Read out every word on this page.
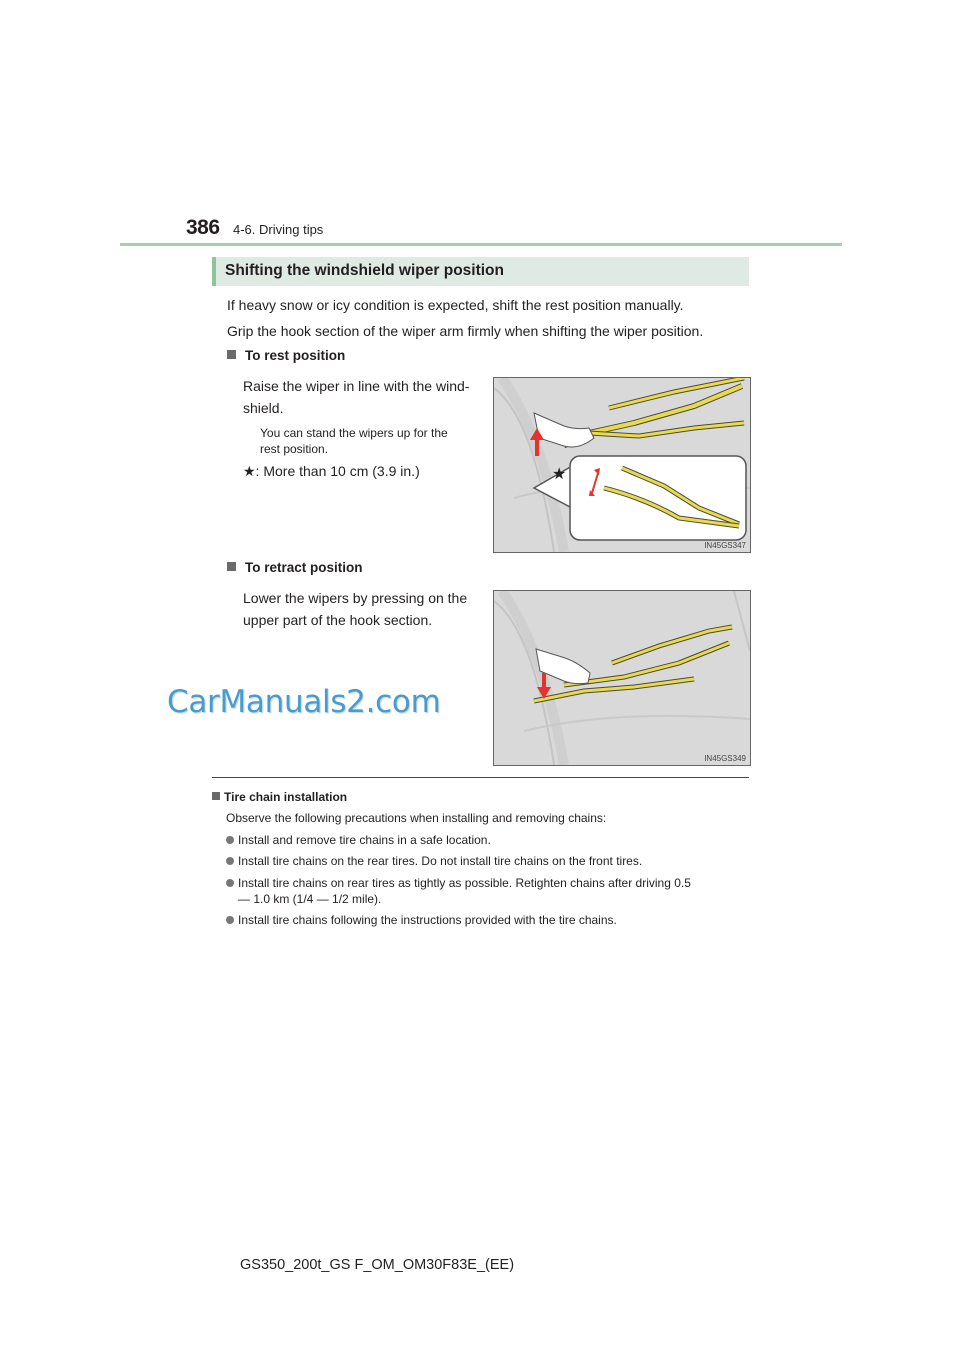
386 4-6. Driving tips
Shifting the windshield wiper position
If heavy snow or icy condition is expected, shift the rest position manually.
Grip the hook section of the wiper arm firmly when shifting the wiper position.
To rest position
Raise the wiper in line with the wind-
shield.
You can stand the wipers up for the
rest position.
★: More than 10 cm (3.9 in.)	★
IN45GS347
To retract position
Lower the wipers by pressing on the
upper part of the hook section.
IN45GS349
CarManuals2.com
Tire chain installation
Observe the following precautions when installing and removing chains:
Install and remove tire chains in a safe location.
Install tire chains on the rear tires. Do not install tire chains on the front tires.
Install tire chains on rear tires as tightly as possible. Retighten chains after driving 0.5
— 1.0 km (1/4 — 1/2 mile).
Install tire chains following the instructions provided with the tire chains.
GS350_200t_GS F_OM_OM30F83E_(EE)
